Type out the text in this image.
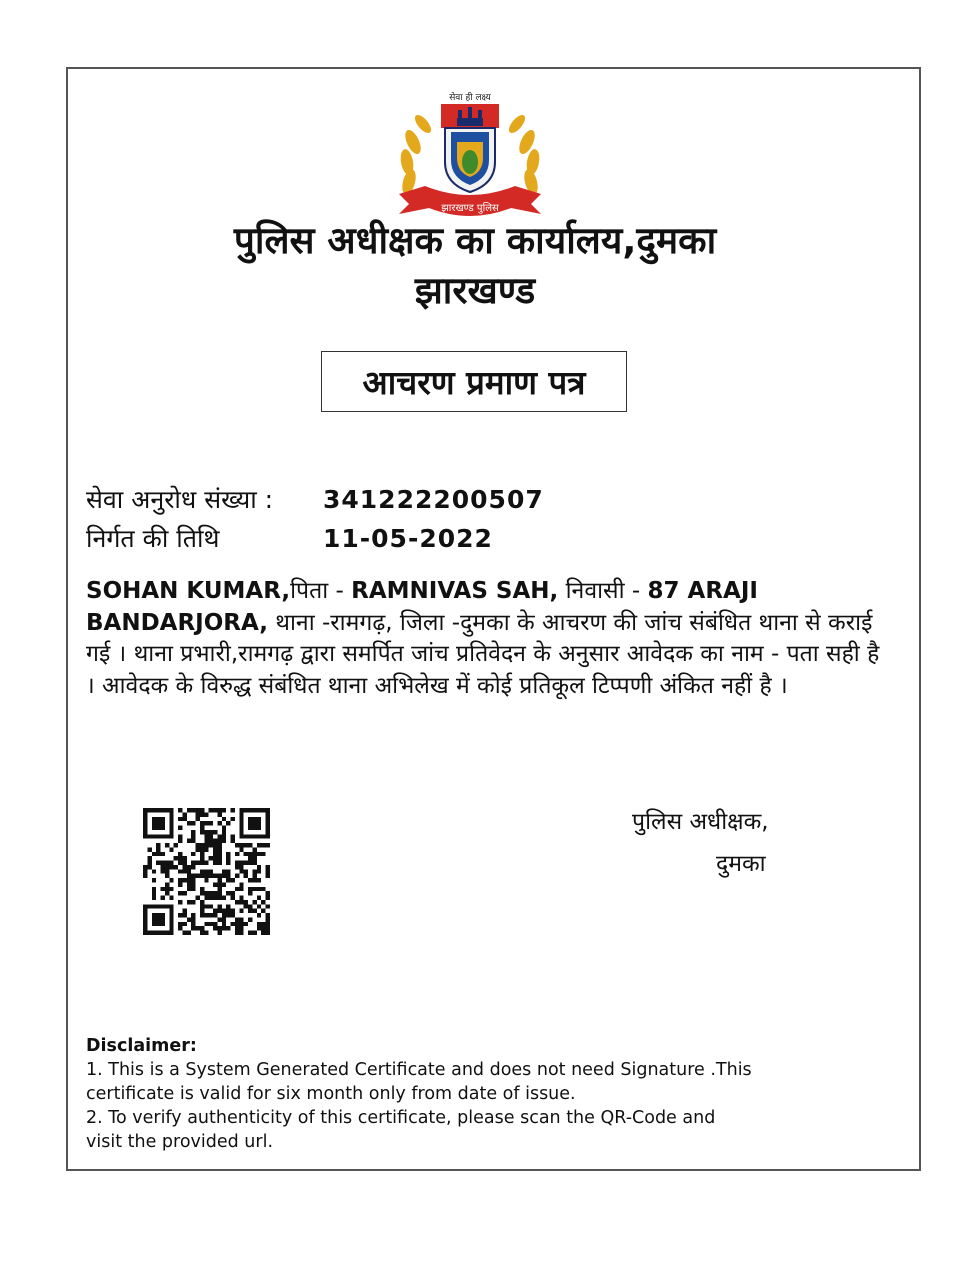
सेवा ही लक्ष्य
झारखण्ड पुलिस
पुलिस अधीक्षक का कार्यालय,दुमका
झारखण्ड
आचरण प्रमाण पत्र
सेवा अनुरोध संख्या : 341222200507
निर्गत की तिथि	11-05-2022

SOHAN KUMAR,पिता - RAMNIVAS SAH, निवासी - 87 ARAJI BANDARJORA, थाना -रामगढ़, जिला -दुमका के आचरण की जांच संबंधित थाना से कराई गई । थाना प्रभारी,रामगढ़ द्वारा समर्पित जांच प्रतिवेदन के अनुसार आवेदक का नाम - पता सही है । आवेदक के विरुद्ध संबंधित थाना अभिलेख में कोई प्रतिकूल टिप्पणी अंकित नहीं है ।

पुलिस अधीक्षक,
दुमका
Disclaimer:
1. This is a System Generated Certificate and does not need Signature .This
certificate is valid for six month only from date of issue.
2. To verify authenticity of this certificate, please scan the QR-Code and
visit the provided url.
